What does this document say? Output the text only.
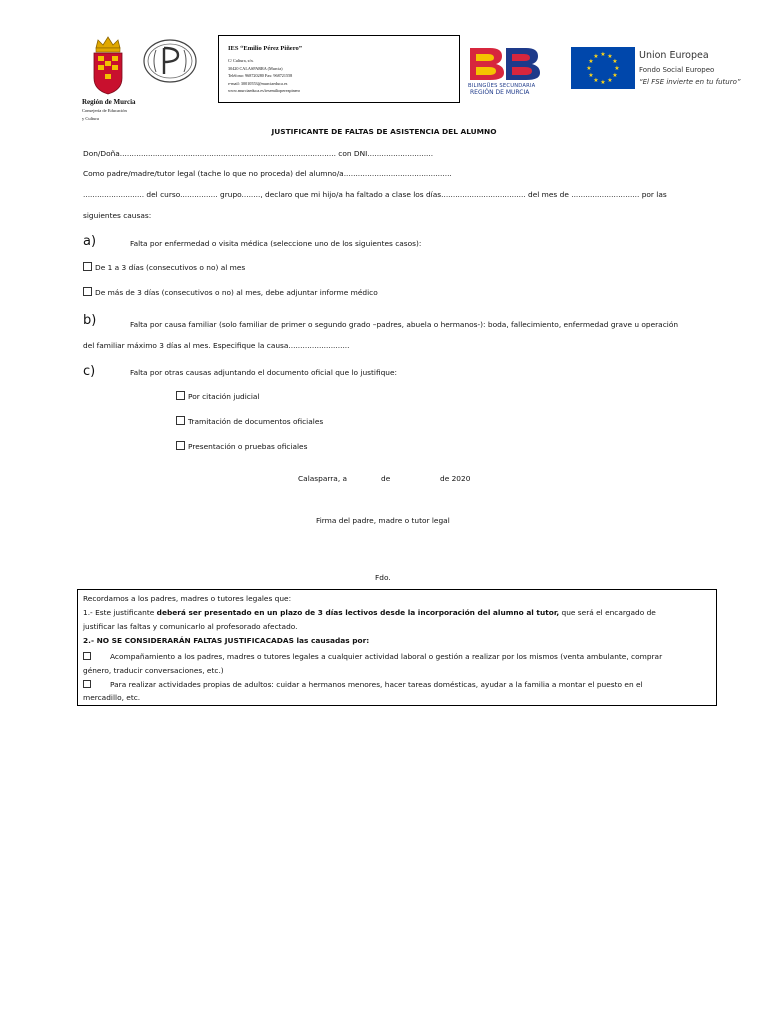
Región de Murcia
Consejería de Educación
y Cultura
IES “Emilio Pérez Piñero”
C/ Cultura, s/n.
30420 CALASPARRA (Murcia)
Teléfono: 968720280 Fax: 968721558
e-mail: 30010553@murciaeduca.es
www.murciaeduca.es/iesemilioperezpinero
BILINGÜES SECUNDARIA
REGIÓN DE MURCIA
★ ★
★
★
★
★
★
★
★
★
★
★	Union Europea
Fondo Social Europeo
“El FSE invierte en tu futuro”
JUSTIFICANTE DE FALTAS DE ASISTENCIA DEL ALUMNO
Don/Doña............................................................................................ con DNI............................
Como padre/madre/tutor legal (tache lo que no proceda) del alumno/a..............................................
.......................... del curso................ grupo........, declaro que mi hijo/a ha faltado a clase los días.................................... del mes de ............................. por las
siguientes causas:
a)	Falta por enfermedad o visita médica (seleccione uno de los siguientes casos):
De 1 a 3 días (consecutivos o no) al mes
De más de 3 días (consecutivos o no) al mes, debe adjuntar informe médico
b)	Falta por causa familiar (solo familiar de primer o segundo grado –padres, abuela o hermanos-): boda, fallecimiento, enfermedad grave u operación
del familiar máximo 3 días al mes. Especifique la causa..........................
c)	Falta por otras causas adjuntando el documento oficial que lo justifique:
Por citación judicial
Tramitación de documentos oficiales
Presentación o pruebas oficiales
Calasparra, a	de	de 2020
Firma del padre, madre o tutor legal
Fdo.
Recordamos a los padres, madres o tutores legales que:
1.- Este justificante deberá ser presentado en un plazo de 3 días lectivos desde la incorporación del alumno al tutor, que será el encargado de
justificar las faltas y comunicarlo al profesorado afectado.
2.- NO SE CONSIDERARÁN FALTAS JUSTIFICACADAS las causadas por:
Acompañamiento a los padres, madres o tutores legales a cualquier actividad laboral o gestión a realizar por los mismos (venta ambulante, comprar
género, traducir conversaciones, etc.)
Para realizar actividades propias de adultos: cuidar a hermanos menores, hacer tareas domésticas, ayudar a la familia a montar el puesto en el
mercadillo, etc.
